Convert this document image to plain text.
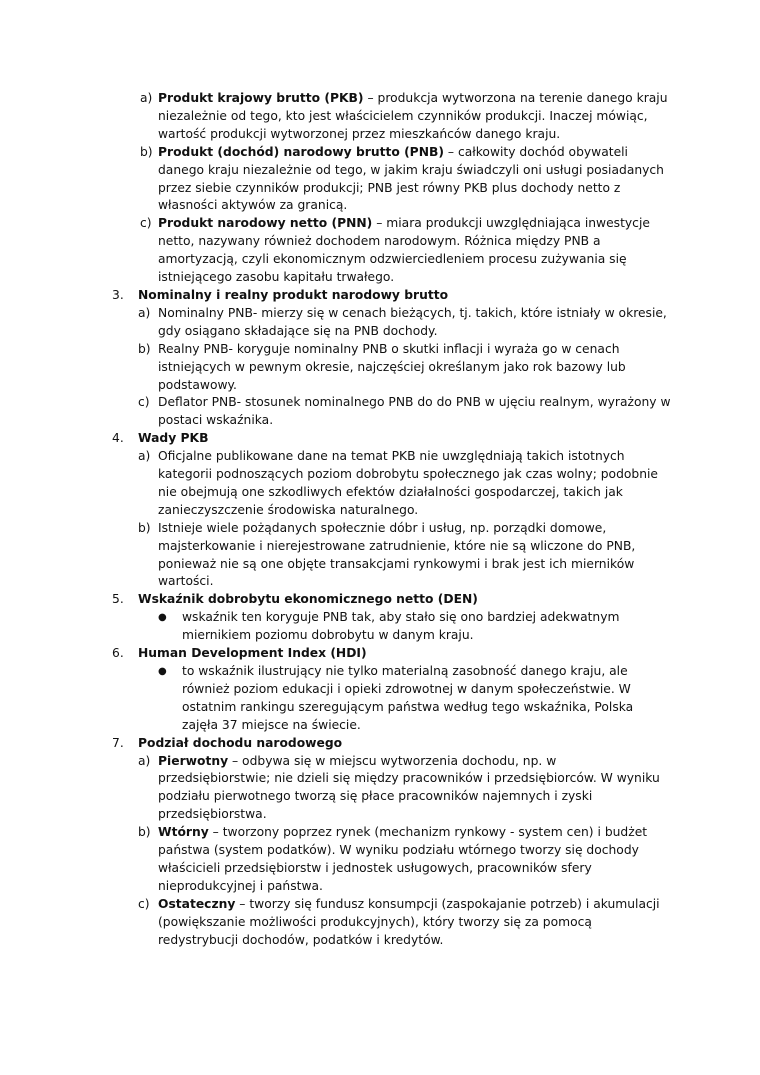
a) Produkt krajowy brutto (PKB) – produkcja wytworzona na terenie danego kraju niezależnie od tego, kto jest właścicielem czynników produkcji. Inaczej mówiąc, wartość produkcji wytworzonej przez mieszkańców danego kraju.
b) Produkt (dochód) narodowy brutto (PNB) – całkowity dochód obywateli danego kraju niezależnie od tego, w jakim kraju świadczyli oni usługi posiadanych przez siebie czynników produkcji; PNB jest równy PKB plus dochody netto z własności aktywów za granicą.
c) Produkt narodowy netto (PNN) – miara produkcji uwzględniająca inwestycje netto, nazywany również dochodem narodowym. Różnica między PNB a amortyzacją, czyli ekonomicznym odzwierciedleniem procesu zużywania się istniejącego zasobu kapitału trwałego.
3. Nominalny i realny produkt narodowy brutto
a) Nominalny PNB- mierzy się w cenach bieżących, tj. takich, które istniały w okresie, gdy osiągano składające się na PNB dochody.
b) Realny PNB- koryguje nominalny PNB o skutki inflacji i wyraża go w cenach istniejących w pewnym okresie, najczęściej określanym jako rok bazowy lub podstawowy.
c) Deflator PNB- stosunek nominalnego PNB do do PNB w ujęciu realnym, wyrażony w postaci wskaźnika.
4. Wady PKB
a) Oficjalne publikowane dane na temat PKB nie uwzględniają takich istotnych kategorii podnoszących poziom dobrobytu społecznego jak czas wolny; podobnie nie obejmują one szkodliwych efektów działalności gospodarczej, takich jak zanieczyszczenie środowiska naturalnego.
b) Istnieje wiele pożądanych społecznie dóbr i usług, np. porządki domowe, majsterkowanie i nierejestrowane zatrudnienie, które nie są wliczone do PNB, ponieważ nie są one objęte transakcjami rynkowymi i brak jest ich mierników wartości.
5. Wskaźnik dobrobytu ekonomicznego netto (DEN)
● wskaźnik ten koryguje PNB tak, aby stało się ono bardziej adekwatnym miernikiem poziomu dobrobytu w danym kraju.
6. Human Development Index (HDI)
● to wskaźnik ilustrujący nie tylko materialną zasobność danego kraju, ale również poziom edukacji i opieki zdrowotnej w danym społeczeństwie. W ostatnim rankingu szeregującym państwa według tego wskaźnika, Polska zajęła 37 miejsce na świecie.
7. Podział dochodu narodowego
a) Pierwotny – odbywa się w miejscu wytworzenia dochodu, np. w przedsiębiorstwie; nie dzieli się między pracowników i przedsiębiorców. W wyniku podziału pierwotnego tworzą się płace pracowników najemnych i zyski przedsiębiorstwa.
b) Wtórny – tworzony poprzez rynek (mechanizm rynkowy - system cen) i budżet państwa (system podatków). W wyniku podziału wtórnego tworzy się dochody właścicieli przedsiębiorstw i jednostek usługowych, pracowników sfery nieprodukcyjnej i państwa.
c) Ostateczny – tworzy się fundusz konsumpcji (zaspokajanie potrzeb) i akumulacji (powiększanie możliwości produkcyjnych), który tworzy się za pomocą redystrybucji dochodów, podatków i kredytów.
